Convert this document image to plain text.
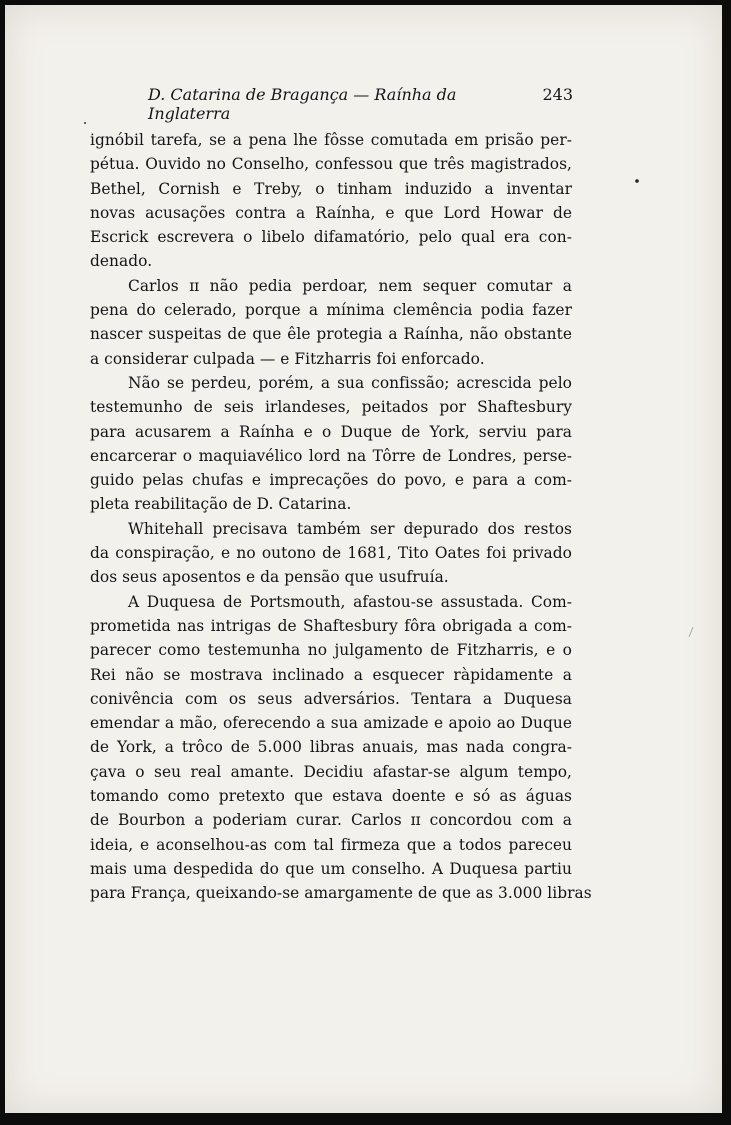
D. Catarina de Bragança — Raínha da Inglaterra
243

ignóbil tarefa, se a pena lhe fôsse comutada em prisão per-
pétua. Ouvido no Conselho, confessou que três magistrados,
Bethel, Cornish e Treby, o tinham induzido a inventar
novas acusações contra a Raínha, e que Lord Howar de
Escrick escrevera o libelo difamatório, pelo qual era con-
denado.

Carlos ɪɪ não pedia perdoar, nem sequer comutar a
pena do celerado, porque a mínima clemência podia fazer
nascer suspeitas de que êle protegia a Raínha, não obstante
a considerar culpada — e Fitzharris foi enforcado.

Não se perdeu, porém, a sua confissão; acrescida pelo
testemunho de seis irlandeses, peitados por Shaftesbury
para acusarem a Raínha e o Duque de York, serviu para
encarcerar o maquiavélico lord na Tôrre de Londres, perse-
guido pelas chufas e imprecações do povo, e para a com-
pleta reabilitação de D. Catarina.

Whitehall precisava também ser depurado dos restos
da conspiração, e no outono de 1681, Tito Oates foi privado
dos seus aposentos e da pensão que usufruía.

A Duquesa de Portsmouth, afastou-se assustada. Com-
prometida nas intrigas de Shaftesbury fôra obrigada a com-
parecer como testemunha no julgamento de Fitzharris, e o
Rei não se mostrava inclinado a esquecer ràpidamente a
conivência com os seus adversários. Tentara a Duquesa
emendar a mão, oferecendo a sua amizade e apoio ao Duque
de York, a trôco de 5.000 libras anuais, mas nada congra-
çava o seu real amante. Decidiu afastar-se algum tempo,
tomando como pretexto que estava doente e só as águas
de Bourbon a poderiam curar. Carlos ɪɪ concordou com a
ideia, e aconselhou-as com tal firmeza que a todos pareceu
mais uma despedida do que um conselho. A Duquesa partiu
para França, queixando-se amargamente de que as 3.000 libras
